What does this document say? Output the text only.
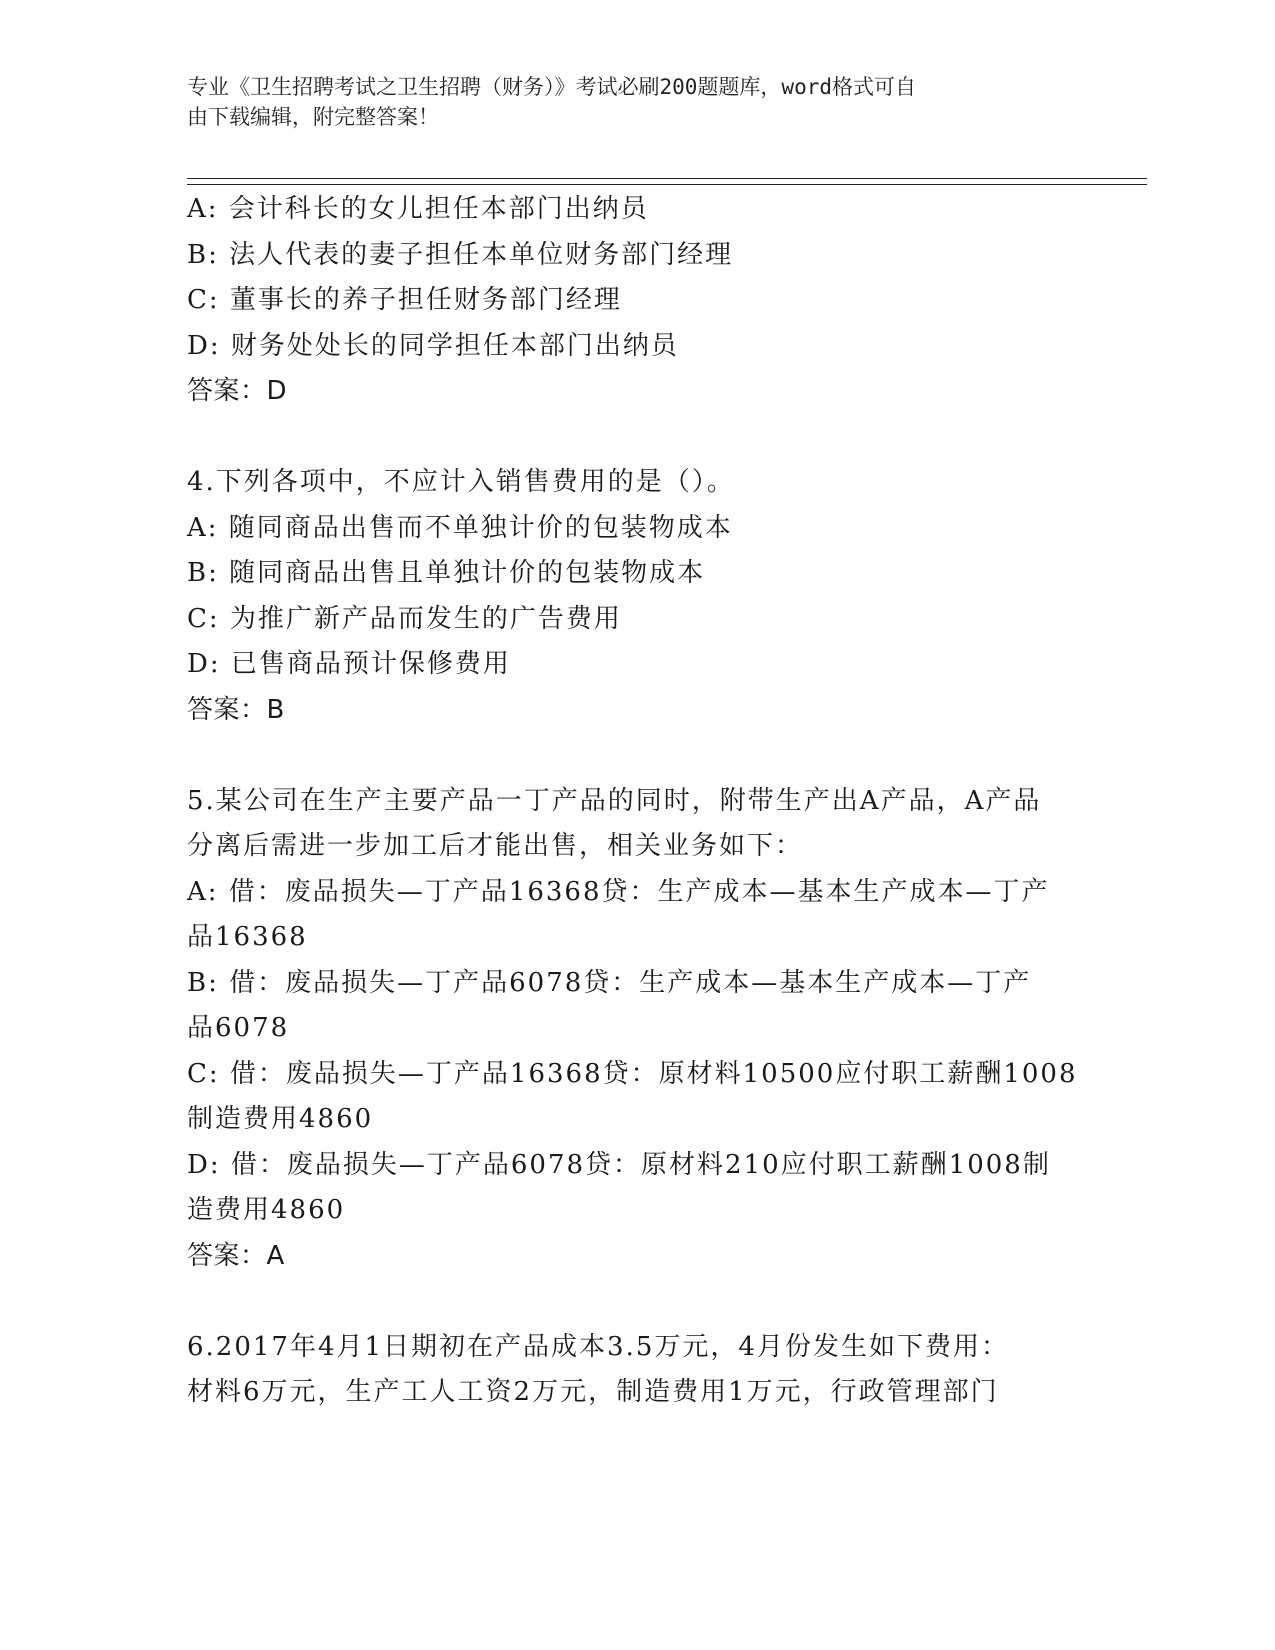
专业《卫生招聘考试之卫生招聘（财务）》考试必刷200题题库，word格式可自
由下载编辑，附完整答案！

A: 会计科长的女儿担任本部门出纳员

B: 法人代表的妻子担任本单位财务部门经理

C: 董事长的养子担任财务部门经理

D: 财务处处长的同学担任本部门出纳员

答案：D

4.下列各项中，不应计入销售费用的是（）。

A: 随同商品出售而不单独计价的包装物成本

B: 随同商品出售且单独计价的包装物成本

C: 为推广新产品而发生的广告费用

D: 已售商品预计保修费用

答案：B

5.某公司在生产主要产品一丁产品的同时，附带生产出A产品，A产品

分离后需进一步加工后才能出售，相关业务如下：

A: 借：废品损失—丁产品16368贷：生产成本—基本生产成本—丁产

品16368

B: 借：废品损失—丁产品6078贷：生产成本—基本生产成本—丁产

品6078

C: 借：废品损失—丁产品16368贷：原材料10500应付职工薪酬1008

制造费用4860

D: 借：废品损失—丁产品6078贷：原材料210应付职工薪酬1008制

造费用4860

答案：A

6.2017年4月1日期初在产品成本3.5万元，4月份发生如下费用：

材料6万元，生产工人工资2万元，制造费用1万元，行政管理部门
